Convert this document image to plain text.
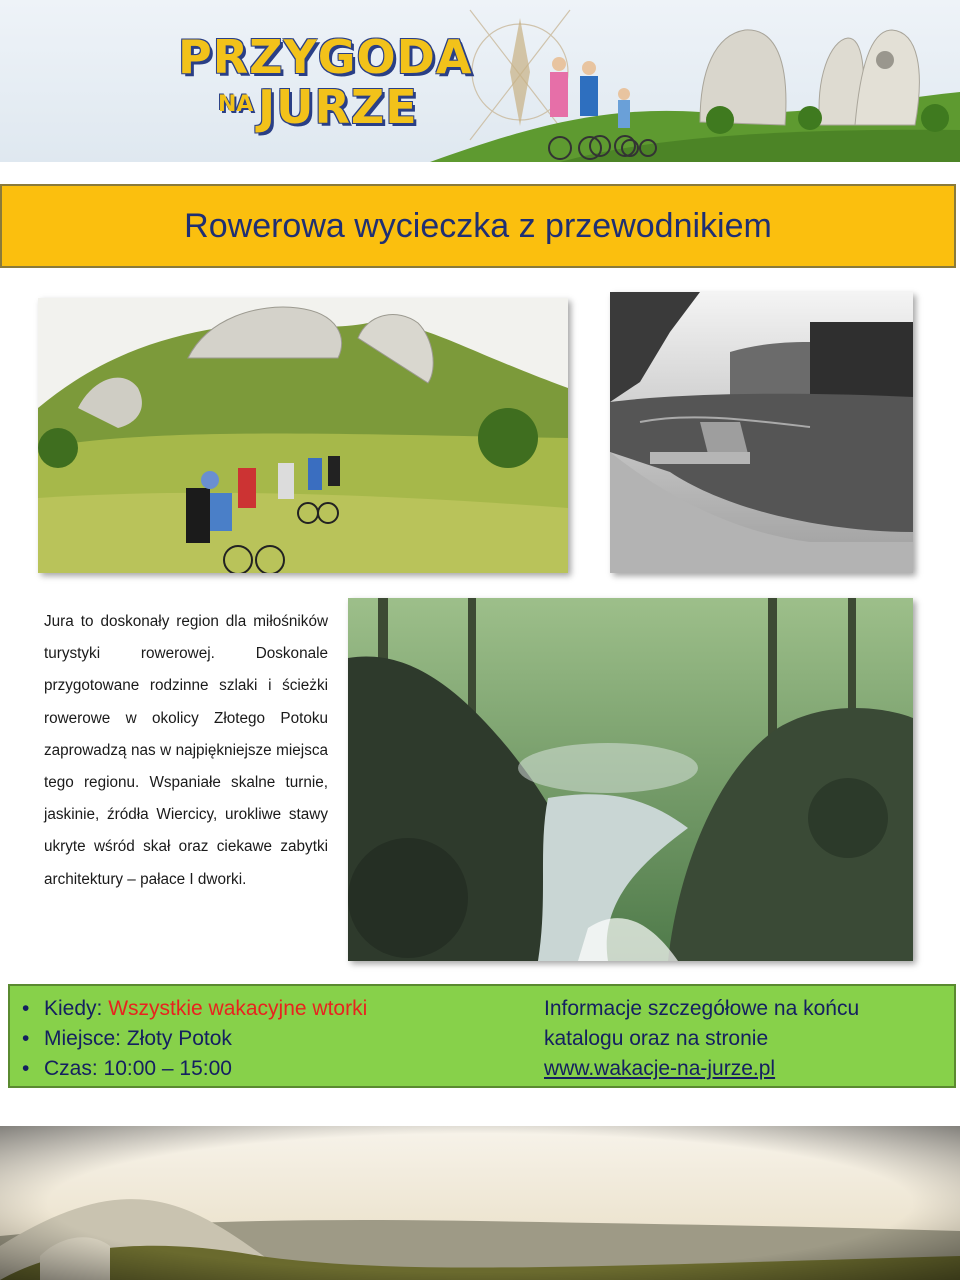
PRZYGODA
NA JURZE
Rowerowa wycieczka z przewodnikiem
Jura to doskonały region dla miłośników turystyki rowerowej. Doskonale przygotowane rodzinne szlaki i ścieżki rowerowe w okolicy Złotego Potoku zaprowadzą nas w najpiękniejsze miejsca tego regionu. Wspaniałe skalne turnie, jaskinie, źródła Wiercicy, urokliwe stawy ukryte wśród skał oraz ciekawe zabytki architektury – pałace I dworki.
• Kiedy: Wszystkie wakacyjne wtorki
• Miejsce: Złoty Potok
• Czas: 10:00 – 15:00
Informacje szczegółowe na końcu katalogu oraz na stronie
www.wakacje-na-jurze.pl
